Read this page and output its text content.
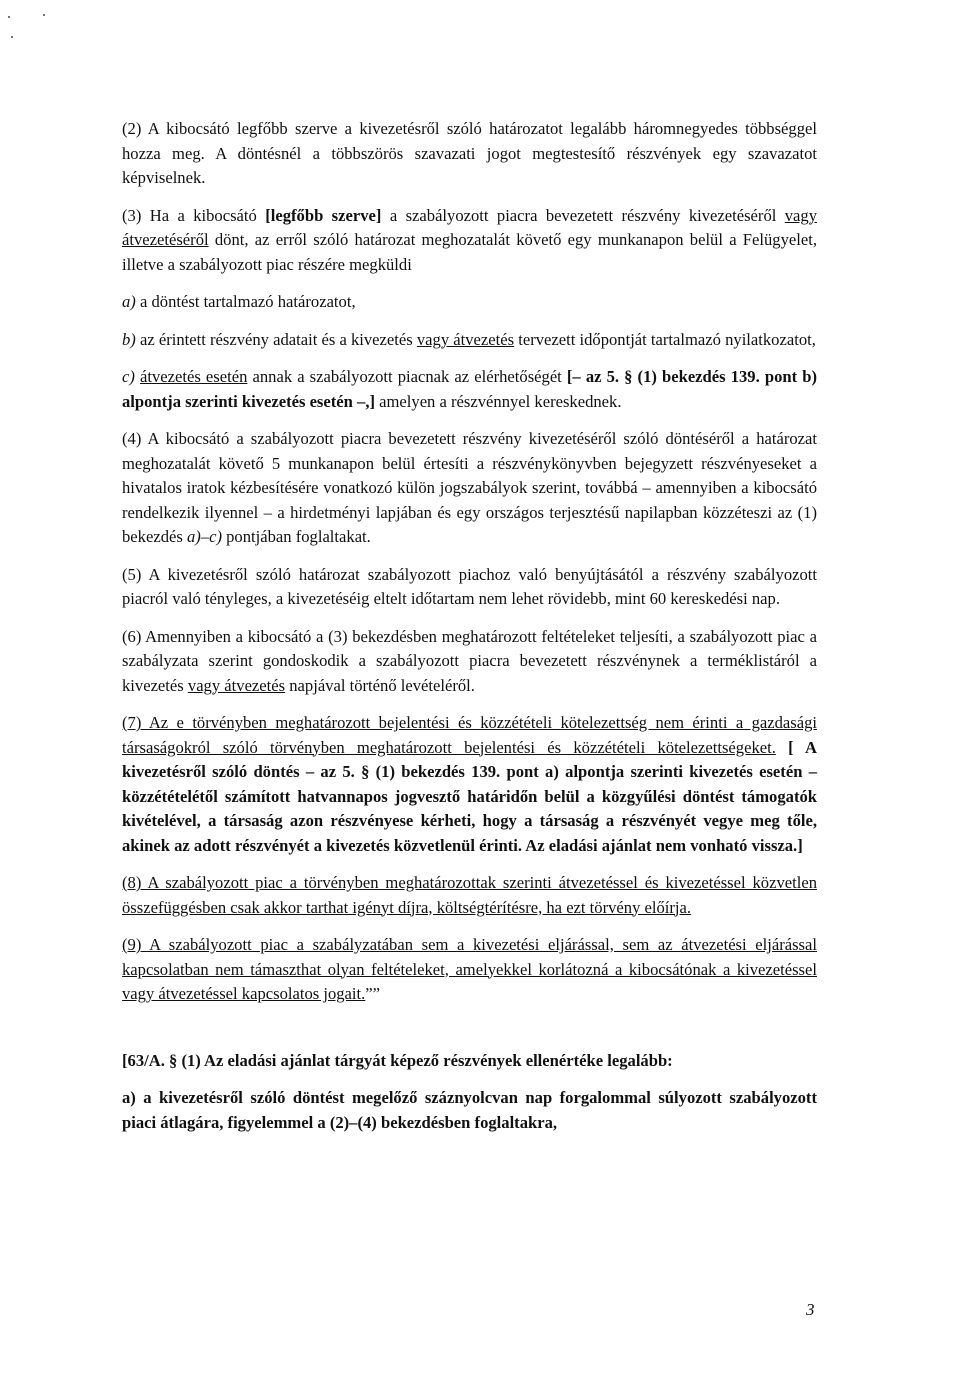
(2) A kibocsátó legfőbb szerve a kivezetésről szóló határozatot legalább háromnegyedes többséggel hozza meg. A döntésnél a többszörös szavazati jogot megtestesítő részvények egy szavazatot képviselnek.

(3) Ha a kibocsátó [legfőbb szerve] a szabályozott piacra bevezetett részvény kivezetéséről vagy átvezetéséről dönt, az erről szóló határozat meghozatalát követő egy munkanapon belül a Felügyelet, illetve a szabályozott piac részére megküldi

a) a döntést tartalmazó határozatot,

b) az érintett részvény adatait és a kivezetés vagy átvezetés tervezett időpontját tartalmazó nyilatkozatot,

c) átvezetés esetén annak a szabályozott piacnak az elérhetőségét [– az 5. § (1) bekezdés 139. pont b) alpontja szerinti kivezetés esetén –,] amelyen a részvénnyel kereskednek.

(4) A kibocsátó a szabályozott piacra bevezetett részvény kivezetéséről szóló döntéséről a határozat meghozatalát követő 5 munkanapon belül értesíti a részvénykönyvben bejegyzett részvényeseket a hivatalos iratok kézbesítésére vonatkozó külön jogszabályok szerint, továbbá – amennyiben a kibocsátó rendelkezik ilyennel – a hirdetményi lapjában és egy országos terjesztésű napilapban közzéteszi az (1) bekezdés a)–c) pontjában foglaltakat.

(5) A kivezetésről szóló határozat szabályozott piachoz való benyújtásától a részvény szabályozott piacról való tényleges, a kivezetéséig eltelt időtartam nem lehet rövidebb, mint 60 kereskedési nap.

(6) Amennyiben a kibocsátó a (3) bekezdésben meghatározott feltételeket teljesíti, a szabályozott piac a szabályzata szerint gondoskodik a szabályozott piacra bevezetett részvénynek a terméklistáról a kivezetés vagy átvezetés napjával történő levételéről.

(7) Az e törvényben meghatározott bejelentési és közzétételi kötelezettség nem érinti a gazdasági társaságokról szóló törvényben meghatározott bejelentési és közzétételi kötelezettségeket. [ A kivezetésről szóló döntés – az 5. § (1) bekezdés 139. pont a) alpontja szerinti kivezetés esetén – közzétételétől számított hatvannapos jogvesztő határidőn belül a közgyűlési döntést támogatók kivételével, a társaság azon részvényese kérheti, hogy a társaság a részvényét vegye meg tőle, akinek az adott részvényét a kivezetés közvetlenül érinti. Az eladási ajánlat nem vonható vissza.]

(8) A szabályozott piac a törvényben meghatározottak szerinti átvezetéssel és kivezetéssel közvetlen összefüggésben csak akkor tarthat igényt díjra, költségtérítésre, ha ezt törvény előírja.

(9) A szabályozott piac a szabályzatában sem a kivezetési eljárással, sem az átvezetési eljárással kapcsolatban nem támaszthat olyan feltételeket, amelyekkel korlátozná a kibocsátónak a kivezetéssel vagy átvezetéssel kapcsolatos jogait.””

[63/A. § (1) Az eladási ajánlat tárgyát képező részvények ellenértéke legalább:

a) a kivezetésről szóló döntést megelőző száznyolcvan nap forgalommal súlyozott szabályozott piaci átlagára, figyelemmel a (2)–(4) bekezdésben foglaltakra,

3
